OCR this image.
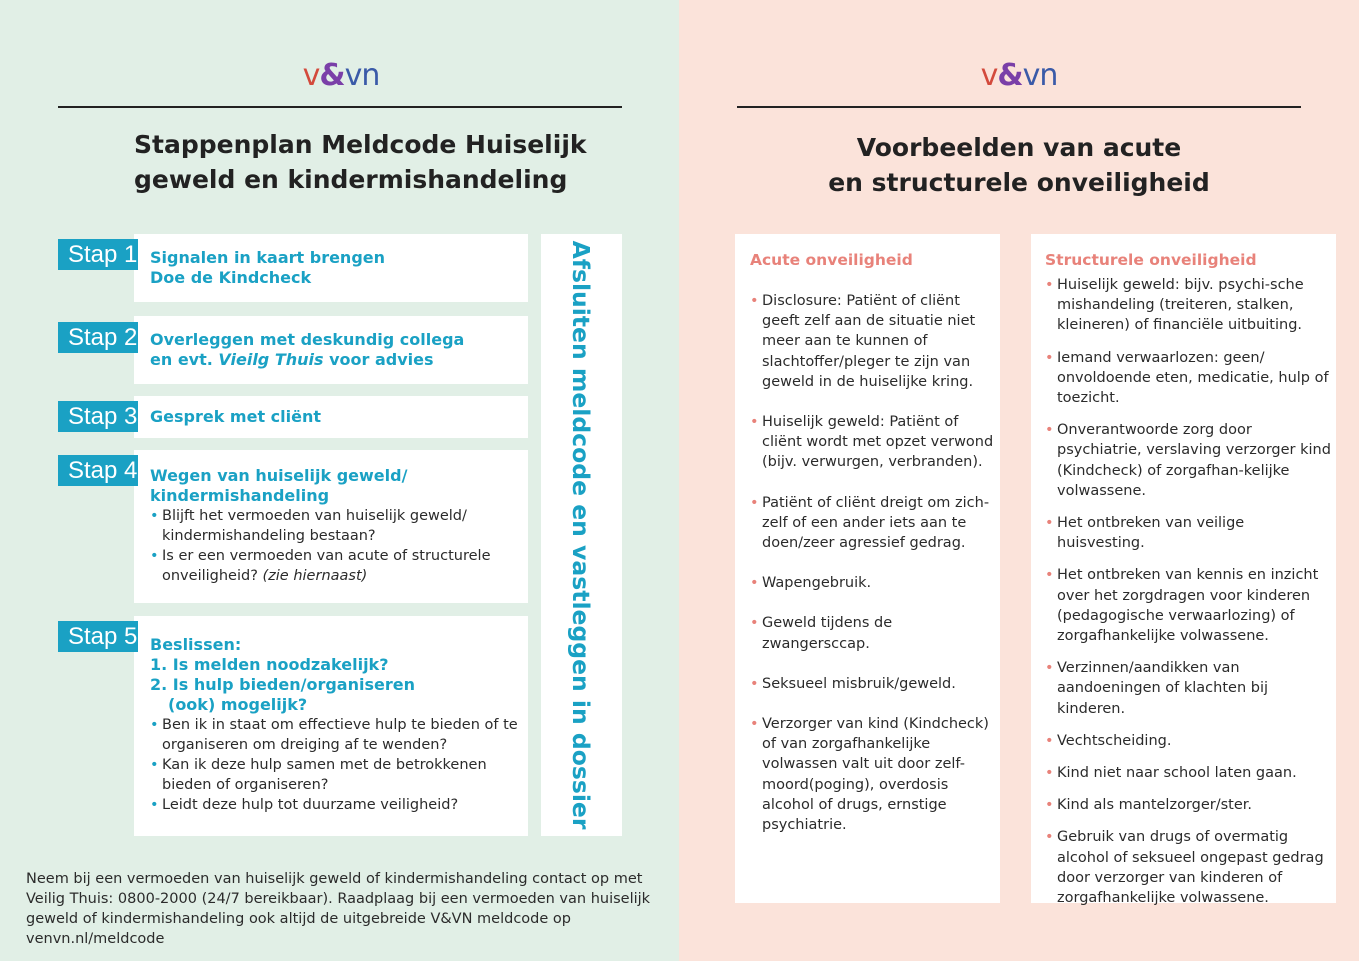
v&vn
Stappenplan Meldcode Huiselijk
geweld en kindermishandeling
Signalen in kaart brengen
Doe de Kindcheck
Stap 1
Overleggen met deskundig collega
en evt. Vieilg Thuis voor advies
Stap 2
Gesprek met cliënt
Stap 3
Wegen van huiselijk geweld/
kindermishandeling
• Blijft het vermoeden van huiselijk geweld/ kindermishandeling bestaan?
• Is er een vermoeden van acute of structurele onveiligheid? (zie hiernaast)
Stap 4
Beslissen:
1. Is melden noodzakelijk?
2. Is hulp bieden/organiseren
(ook) mogelijk?
• Ben ik in staat om effectieve hulp te bieden of te organiseren om dreiging af te wenden?
• Kan ik deze hulp samen met de betrokkenen bieden of organiseren?
• Leidt deze hulp tot duurzame veiligheid?
Stap 5	Afsluiten meldcode en vastleggen in dossier
Neem bij een vermoeden van huiselijk geweld of kindermishandeling contact op met Veilig Thuis: 0800-2000 (24/7 bereikbaar). Raadplaag bij een vermoeden van huiselijk geweld of kindermishandeling ook altijd de uitgebreide V&VN meldcode op venvn.nl/meldcode
v&vn
Voorbeelden van acute
en structurele onveiligheid
Acute onveiligheid
• Disclosure: Patiënt of cliënt geeft zelf aan de situatie niet meer aan te kunnen of slachtoffer/pleger te zijn van geweld in de huiselijke kring.
• Huiselijk geweld: Patiënt of cliënt wordt met opzet verwond (bijv. verwurgen, verbranden).
• Patiënt of cliënt dreigt om zich-zelf of een ander iets aan te doen/zeer agressief gedrag.
• Wapengebruik.
• Geweld tijdens de zwangersccap.
• Seksueel misbruik/geweld.
• Verzorger van kind (Kindcheck) of van zorgafhankelijke volwassen valt uit door zelf-moord(poging), overdosis alcohol of drugs, ernstige psychiatrie.
Structurele onveiligheid
• Huiselijk geweld: bijv. psychi-sche mishandeling (treiteren, stalken, kleineren) of financiële uitbuiting.
• Iemand verwaarlozen: geen/ onvoldoende eten, medicatie, hulp of toezicht.
• Onverantwoorde zorg door psychiatrie, verslaving verzorger kind (Kindcheck) of zorgafhan-kelijke volwassene.
• Het ontbreken van veilige huisvesting.
• Het ontbreken van kennis en inzicht over het zorgdragen voor kinderen (pedagogische verwaarlozing) of zorgafhankelijke volwassene.
• Verzinnen/aandikken van aandoeningen of klachten bij kinderen.
• Vechtscheiding.
• Kind niet naar school laten gaan.
• Kind als mantelzorger/ster.
• Gebruik van drugs of overmatig alcohol of seksueel ongepast gedrag door verzorger van kinderen of zorgafhankelijke volwassene.
